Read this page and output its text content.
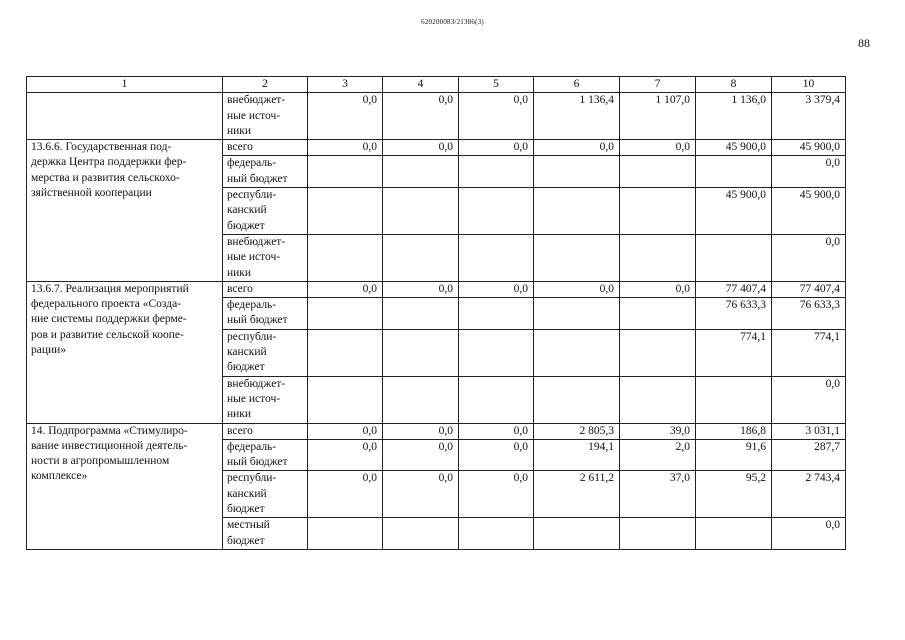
620200083/21386(3)
88
1	2	3	4	5	6	7	8	10

	внебюджет-
ные источ-
ники	0,0	0,0	0,0	1 136,4	1 107,0	1 136,0	3 379,4

13.6.6. Государственная под-
держка Центра поддержки фер-
мерства и развития сельскохо-
зяйственной кооперации	всего	0,0	0,0	0,0	0,0	0,0	45 900,0	45 900,0

	федераль-
ный бюджет							0,0

	республи-
канский
бюджет						45 900,0	45 900,0

	внебюджет-
ные источ-
ники							0,0

13.6.7. Реализация мероприятий
федерального проекта «Созда-
ние системы поддержки ферме-
ров и развитие сельской коопе-
рации»	всего	0,0	0,0	0,0	0,0	0,0	77 407,4	77 407,4

	федераль-
ный бюджет						76 633,3	76 633,3

	республи-
канский
бюджет						774,1	774,1

	внебюджет-
ные источ-
ники							0,0

14. Подпрограмма «Стимулиро-
вание инвестиционной деятель-
ности в агропромышленном
комплексе»	всего	0,0	0,0	0,0	2 805,3	39,0	186,8	3 031,1

	федераль-
ный бюджет	0,0	0,0	0,0	194,1	2,0	91,6	287,7

	республи-
канский
бюджет	0,0	0,0	0,0	2 611,2	37,0	95,2	2 743,4

	местный
бюджет							0,0
